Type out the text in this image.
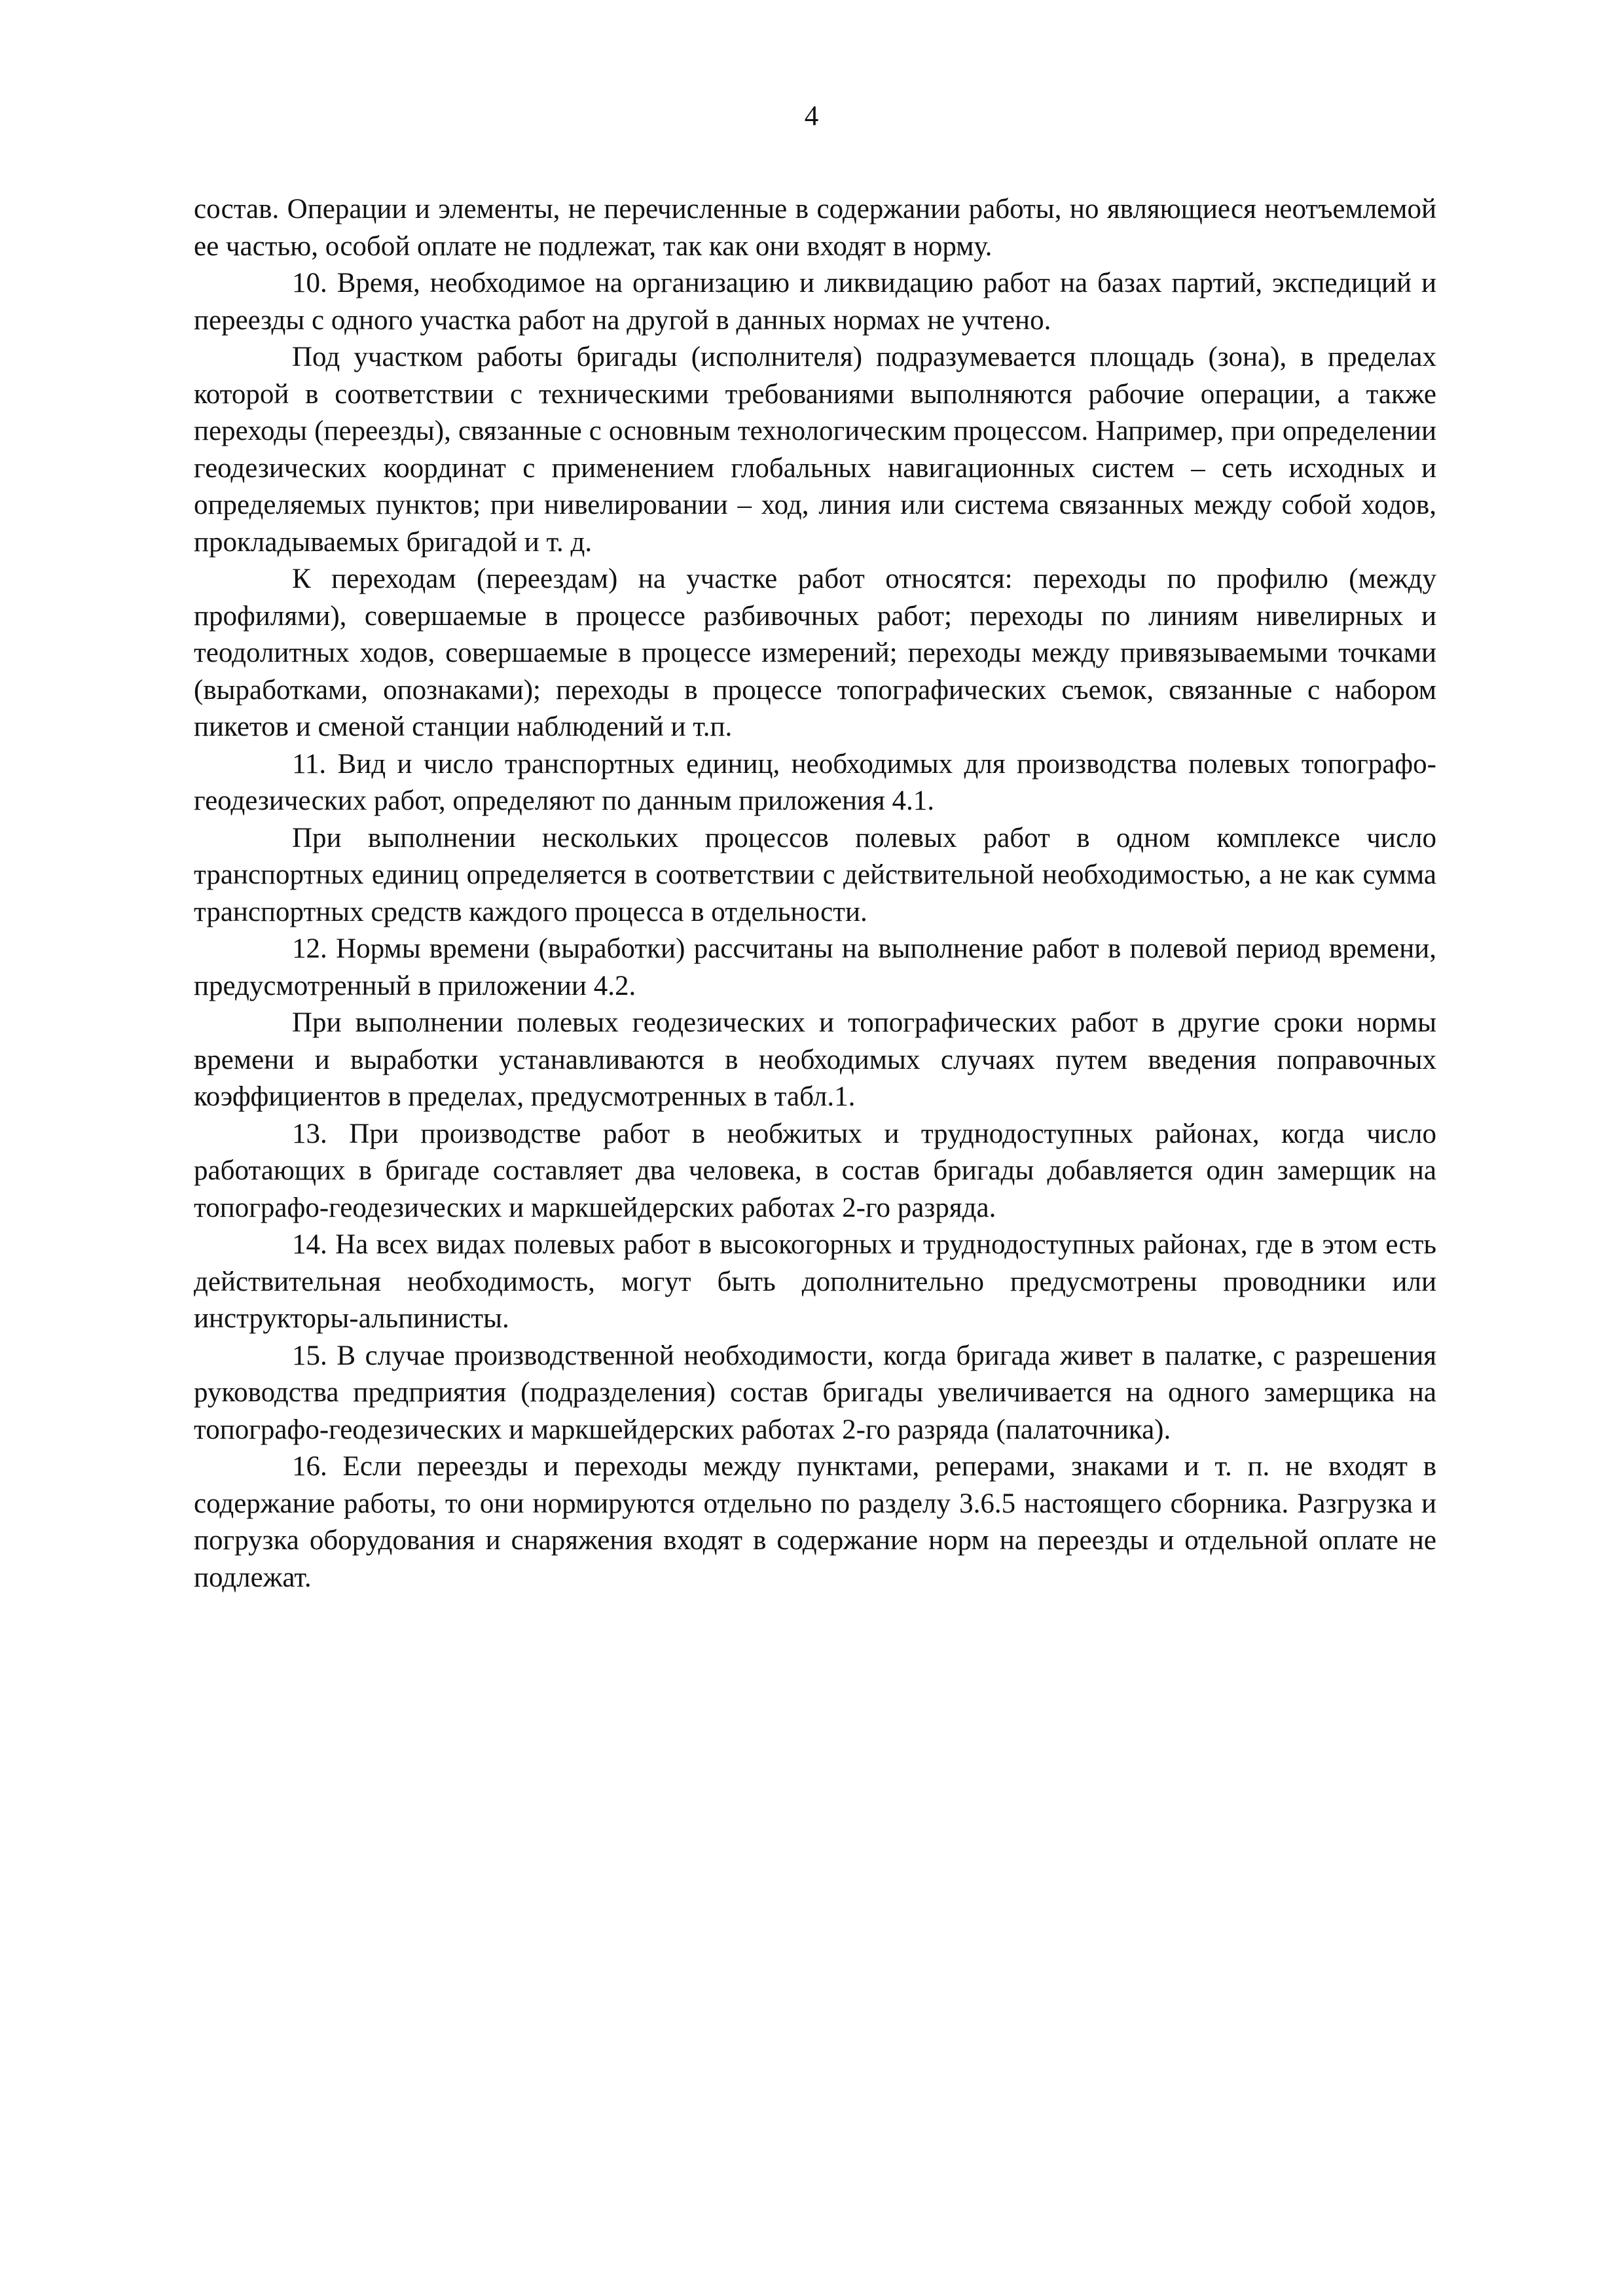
4

состав. Операции и элементы, не перечисленные в содержании работы, но являющиеся неотъемлемой ее частью, особой оплате не подлежат, так как они входят в норму.

10. Время, необходимое на организацию и ликвидацию работ на базах партий, экспедиций и переезды с одного участка работ на другой в данных нормах не учтено.

Под участком работы бригады (исполнителя) подразумевается площадь (зона), в пределах которой в соответствии с техническими требованиями выполняются рабочие операции, а также переходы (переезды), связанные с основным технологическим процессом. Например, при определении геодезических координат с применением глобальных навигационных систем – сеть исходных и определяемых пунктов; при нивелировании – ход, линия или система связанных между собой ходов, прокладываемых бригадой и т. д.

К переходам (переездам) на участке работ относятся: переходы по профилю (между профилями), совершаемые в процессе разбивочных работ; переходы по линиям нивелирных и теодолитных ходов, совершаемые в процессе измерений; переходы между привязываемыми точками (выработками, опознаками); переходы в процессе топографических съемок, связанные с набором пикетов и сменой станции наблюдений и т.п.

11. Вид и число транспортных единиц, необходимых для производства полевых топографо-геодезических работ, определяют по данным приложения 4.1.

При выполнении нескольких процессов полевых работ в одном комплексе число транспортных единиц определяется в соответствии с действительной необходимостью, а не как сумма транспортных средств каждого процесса в отдельности.

12. Нормы времени (выработки) рассчитаны на выполнение работ в полевой период времени, предусмотренный в приложении 4.2.

При выполнении полевых геодезических и топографических работ в другие сроки нормы времени и выработки устанавливаются в необходимых случаях путем введения поправочных коэффициентов в пределах, предусмотренных в табл.1.

13. При производстве работ в необжитых и труднодоступных районах, когда число работающих в бригаде составляет два человека, в состав бригады добавляется один замерщик на топографо-геодезических и маркшейдерских работах 2-го разряда.

14. На всех видах полевых работ в высокогорных и труднодоступных районах, где в этом есть действительная необходимость, могут быть дополнительно предусмотрены проводники или инструкторы-альпинисты.

15. В случае производственной необходимости, когда бригада живет в палатке, с разрешения руководства предприятия (подразделения) состав бригады увеличивается на одного замерщика на топографо-геодезических и маркшейдерских работах 2-го разряда (палаточника).

16. Если переезды и переходы между пунктами, реперами, знаками и т. п. не входят в содержание работы, то они нормируются отдельно по разделу 3.6.5 настоящего сборника. Разгрузка и погрузка оборудования и снаряжения входят в содержание норм на переезды и отдельной оплате не подлежат.
